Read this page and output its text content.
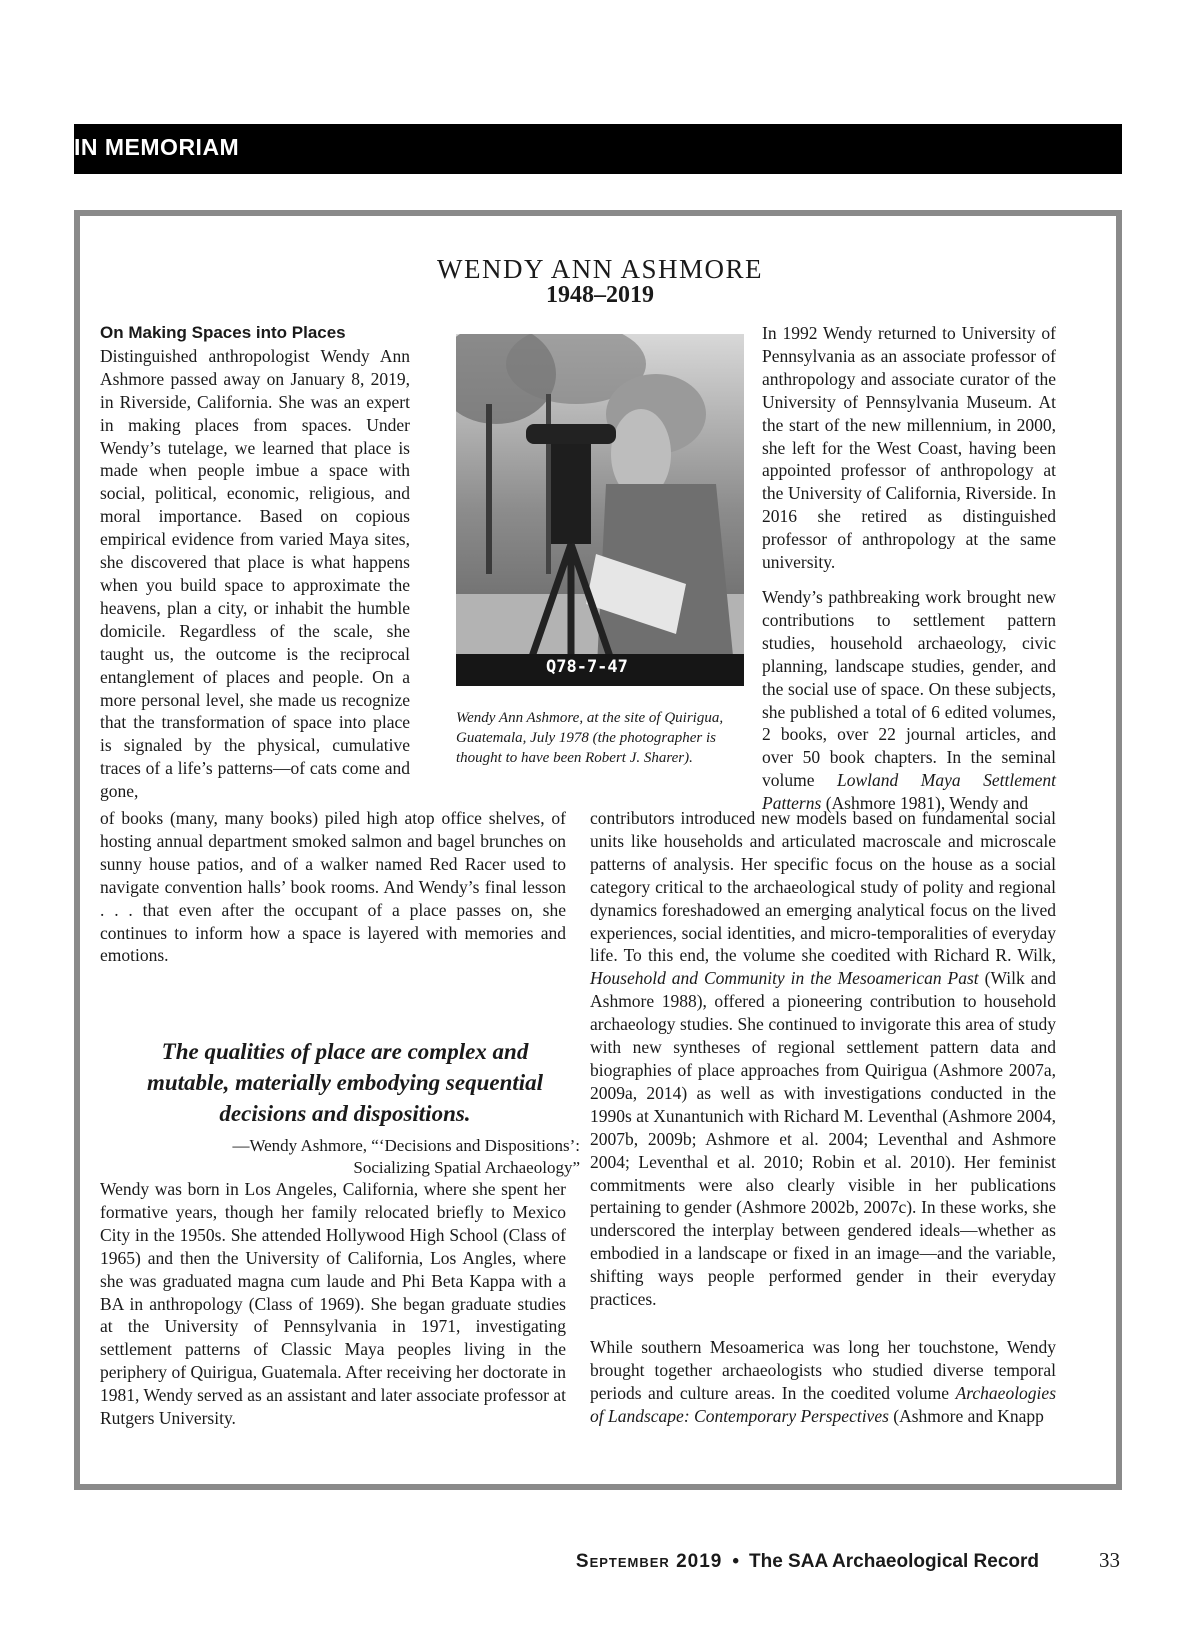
IN MEMORIAM
WENDY ANN ASHMORE
1948–2019
On Making Spaces into Places

Distinguished anthropologist Wendy Ann Ashmore passed away on January 8, 2019, in Riverside, California. She was an expert in making places from spaces. Under Wendy’s tutelage, we learned that place is made when people imbue a space with social, political, economic, religious, and moral importance. Based on copious empirical evidence from varied Maya sites, she discovered that place is what happens when you build space to approximate the heavens, plan a city, or inhabit the humble domicile. Regardless of the scale, she taught us, the outcome is the reciprocal entanglement of places and people. On a more personal level, she made us recognize that the transformation of space into place is signaled by the physical, cumulative traces of a life’s patterns—of cats come and gone,

of books (many, many books) piled high atop office shelves, of hosting annual department smoked salmon and bagel brunches on sunny house patios, and of a walker named Red Racer used to navigate convention halls’ book rooms. And Wendy’s final lesson . . . that even after the occupant of a place passes on, she continues to inform how a space is layered with memories and emotions.

Q78-7-47

Wendy Ann Ashmore, at the site of Quirigua, Guatemala, July 1978 (the photographer is thought to have been Robert J. Sharer).

The qualities of place are complex and mutable, materially embodying sequential decisions and dispositions.

—Wendy Ashmore, “‘Decisions and Dispositions’:
Socializing Spatial Archaeology”

Wendy was born in Los Angeles, California, where she spent her formative years, though her family relocated briefly to Mexico City in the 1950s. She attended Hollywood High School (Class of 1965) and then the University of California, Los Angles, where she was graduated magna cum laude and Phi Beta Kappa with a BA in anthropology (Class of 1969). She began graduate studies at the University of Pennsylvania in 1971, investigating settlement patterns of Classic Maya peoples living in the periphery of Quirigua, Guatemala. After receiving her doctorate in 1981, Wendy served as an assistant and later associate professor at Rutgers University.

In 1992 Wendy returned to University of Pennsylvania as an associate professor of anthropology and associate curator of the University of Pennsylvania Museum. At the start of the new millennium, in 2000, she left for the West Coast, having been appointed professor of anthropology at the University of California, Riverside. In 2016 she retired as distinguished professor of anthropology at the same university.

Wendy’s pathbreaking work brought new contributions to settlement pattern studies, household archaeology, civic planning, landscape studies, gender, and the social use of space. On these subjects, she published a total of 6 edited volumes, 2 books, over 22 journal articles, and over 50 book chapters. In the seminal volume Lowland Maya Settlement Patterns (Ashmore 1981), Wendy and

contributors introduced new models based on fundamental social units like households and articulated macroscale and microscale patterns of analysis. Her specific focus on the house as a social category critical to the archaeological study of polity and regional dynamics foreshadowed an emerging analytical focus on the lived experiences, social identities, and micro-temporalities of everyday life. To this end, the volume she coedited with Richard R. Wilk, Household and Community in the Mesoamerican Past (Wilk and Ashmore 1988), offered a pioneering contribution to household archaeology studies. She continued to invigorate this area of study with new syntheses of regional settlement pattern data and biographies of place approaches from Quirigua (Ashmore 2007a, 2009a, 2014) as well as with investigations conducted in the 1990s at Xunantunich with Richard M. Leventhal (Ashmore 2004, 2007b, 2009b; Ashmore et al. 2004; Leventhal and Ashmore 2004; Leventhal et al. 2010; Robin et al. 2010). Her feminist commitments were also clearly visible in her publications pertaining to gender (Ashmore 2002b, 2007c). In these works, she underscored the interplay between gendered ideals—whether as embodied in a landscape or fixed in an image—and the variable, shifting ways people performed gender in their everyday practices.

While southern Mesoamerica was long her touchstone, Wendy brought together archaeologists who studied diverse temporal periods and culture areas. In the coedited volume Archaeologies of Landscape: Contemporary Perspectives (Ashmore and Knapp

September 2019 • The SAA Archaeological Record	33
